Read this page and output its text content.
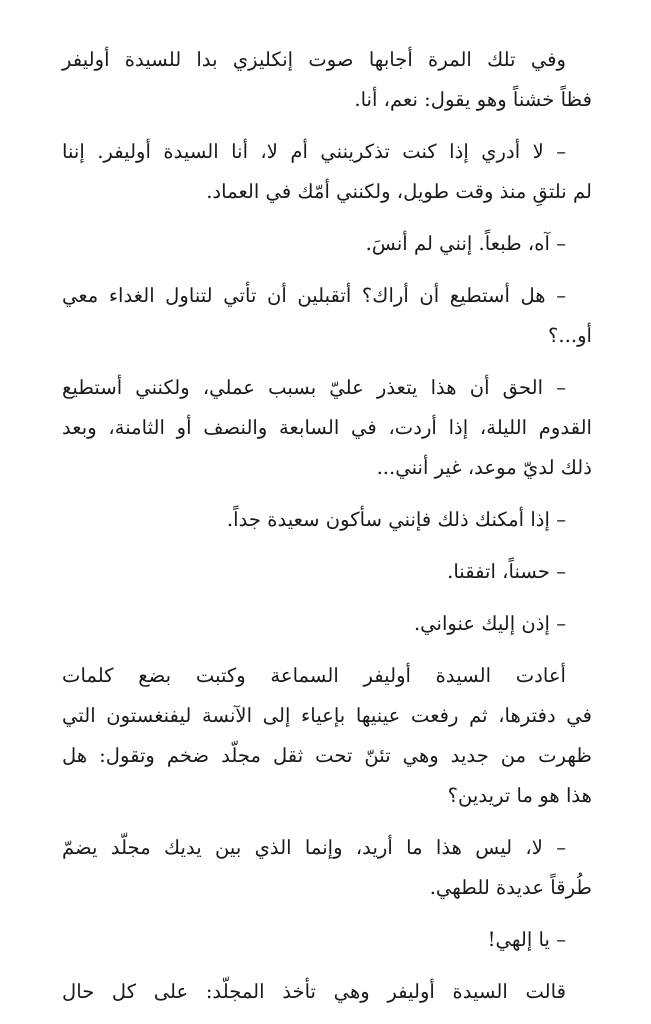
وفي تلك المرة أجابها صوت إنكليزي بدا للسيدة أوليفر
فظاً خشناً وهو يقول: نعم، أنا.
– لا أدري إذا كنت تذكرينني أم لا، أنا السيدة أوليفر. إننا
لم نلتقِ منذ وقت طويل، ولكنني أمّك في العماد.
– آه، طبعاً. إنني لم أنسَ.
– هل أستطيع أن أراك؟ أتقبلين أن تأتي لتناول الغداء معي
أو...؟
– الحق أن هذا يتعذر عليّ بسبب عملي، ولكنني أستطيع
القدوم الليلة، إذا أردت، في السابعة والنصف أو الثامنة، وبعد
ذلك لديّ موعد، غير أنني...
– إذا أمكنك ذلك فإنني سأكون سعيدة جداً.
– حسناً، اتفقنا.
– إذن إليك عنواني.
أعادت السيدة أوليفر السماعة وكتبت بضع كلمات
في دفترها، ثم رفعت عينيها بإعياء إلى الآنسة ليفنغستون التي
ظهرت من جديد وهي تئنّ تحت ثقل مجلّد ضخم وتقول: هل
هذا هو ما تريدين؟
– لا، ليس هذا ما أريد، وإنما الذي بين يديك مجلّد يضمّ
طُرقاً عديدة للطهي.
– يا إلهي!
قالت السيدة أوليفر وهي تأخذ المجلّد: على كل حال
